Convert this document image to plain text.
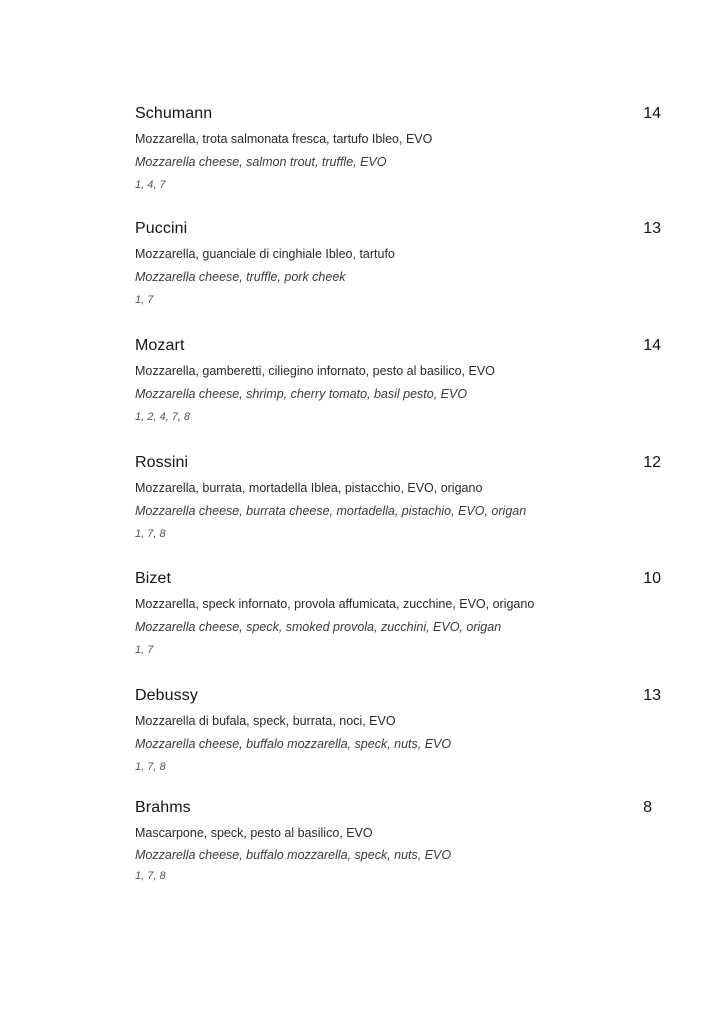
Schumann	14
Mozzarella, trota salmonata fresca, tartufo Ibleo, EVO
Mozzarella cheese, salmon trout, truffle, EVO
1, 4, 7
Puccini	13
Mozzarella, guanciale di cinghiale Ibleo, tartufo
Mozzarella cheese, truffle, pork cheek
1, 7
Mozart	14
Mozzarella, gamberetti, ciliegino infornato, pesto al basilico, EVO
Mozzarella cheese, shrimp, cherry tomato, basil pesto, EVO
1, 2, 4, 7, 8
Rossini	12
Mozzarella, burrata, mortadella Iblea, pistacchio, EVO, origano
Mozzarella cheese, burrata cheese, mortadella, pistachio, EVO, origan
1, 7, 8
Bizet	10
Mozzarella, speck infornato, provola affumicata, zucchine, EVO, origano
Mozzarella cheese, speck, smoked provola, zucchini, EVO, origan
1, 7
Debussy	13
Mozzarella di bufala, speck, burrata, noci, EVO
Mozzarella cheese, buffalo mozzarella, speck, nuts, EVO
1, 7, 8
Brahms	8
Mascarpone, speck, pesto al basilico, EVO
Mozzarella cheese, buffalo mozzarella, speck, nuts, EVO
1, 7, 8
